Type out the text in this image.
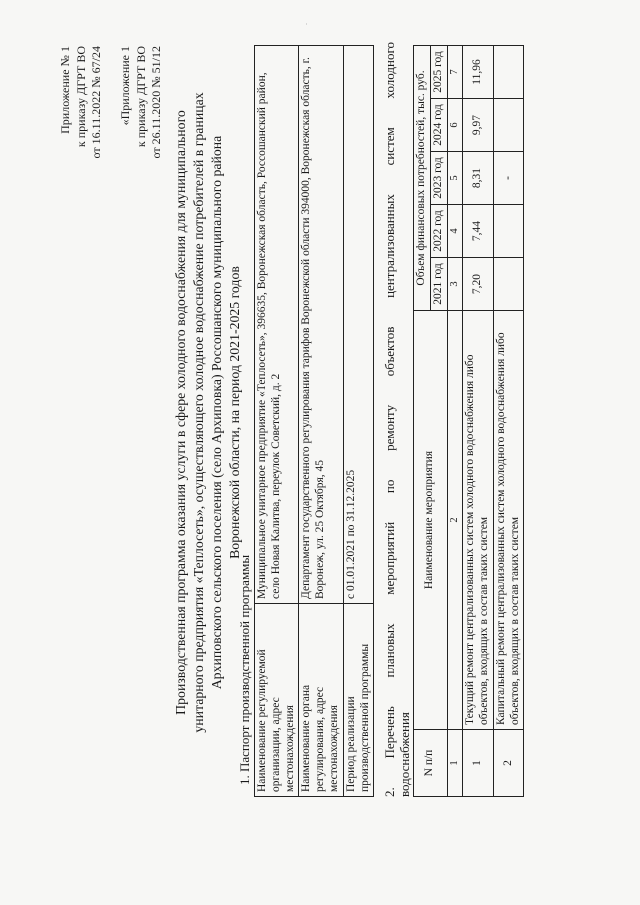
.
Приложение № 1 к приказу ДГРТ ВО от 16.11.2022 № 67/24 «Приложение 1 к приказу ДГРТ ВО от 26.11.2020 № 51/12
Производственная программа оказания услуги в сфере холодного водоснабжения для муниципального унитарного предприятия «Теплосеть», осуществляющего холодное водоснабжение потребителей в границах Архиповского сельского поселения (село Архиповка) Россошанского муниципального района Воронежской области, на период 2021-2025 годов
1. Паспорт производственной программы Наименование регулируемой организации, адрес местонахождения	Муниципальное унитарное предприятие «Теплосеть», 396635, Воронежская область, Россошанский район, село Новая Калитва, переулок Советский, д. 2
Наименование органа регулирования, адрес местонахождения	Департамент государственного регулирования тарифов Воронежской области 394000, Воронежская область, г. Воронеж, ул. 25 Октября, 45
Период реализации производственной программы	с 01.01.2021 по 31.12.2025 2. Перечень плановых мероприятий по ремонту объектов централизованных систем холодного водоснабжения N п/п	Наименование мероприятия	Объем финансовых потребностей, тыс. руб.				
		2021 год	2022 год	2023 год	2024 год	2025 год
1	2	3	4	5	6	7
1	Текущий ремонт централизованных систем холодного водоснабжения либо объектов, входящих в состав таких систем	7,20	7,44	8,31	9,97	11,96
2	Капитальный ремонт централизованных систем холодного водоснабжения либо объектов, входящих в состав таких систем			-		
